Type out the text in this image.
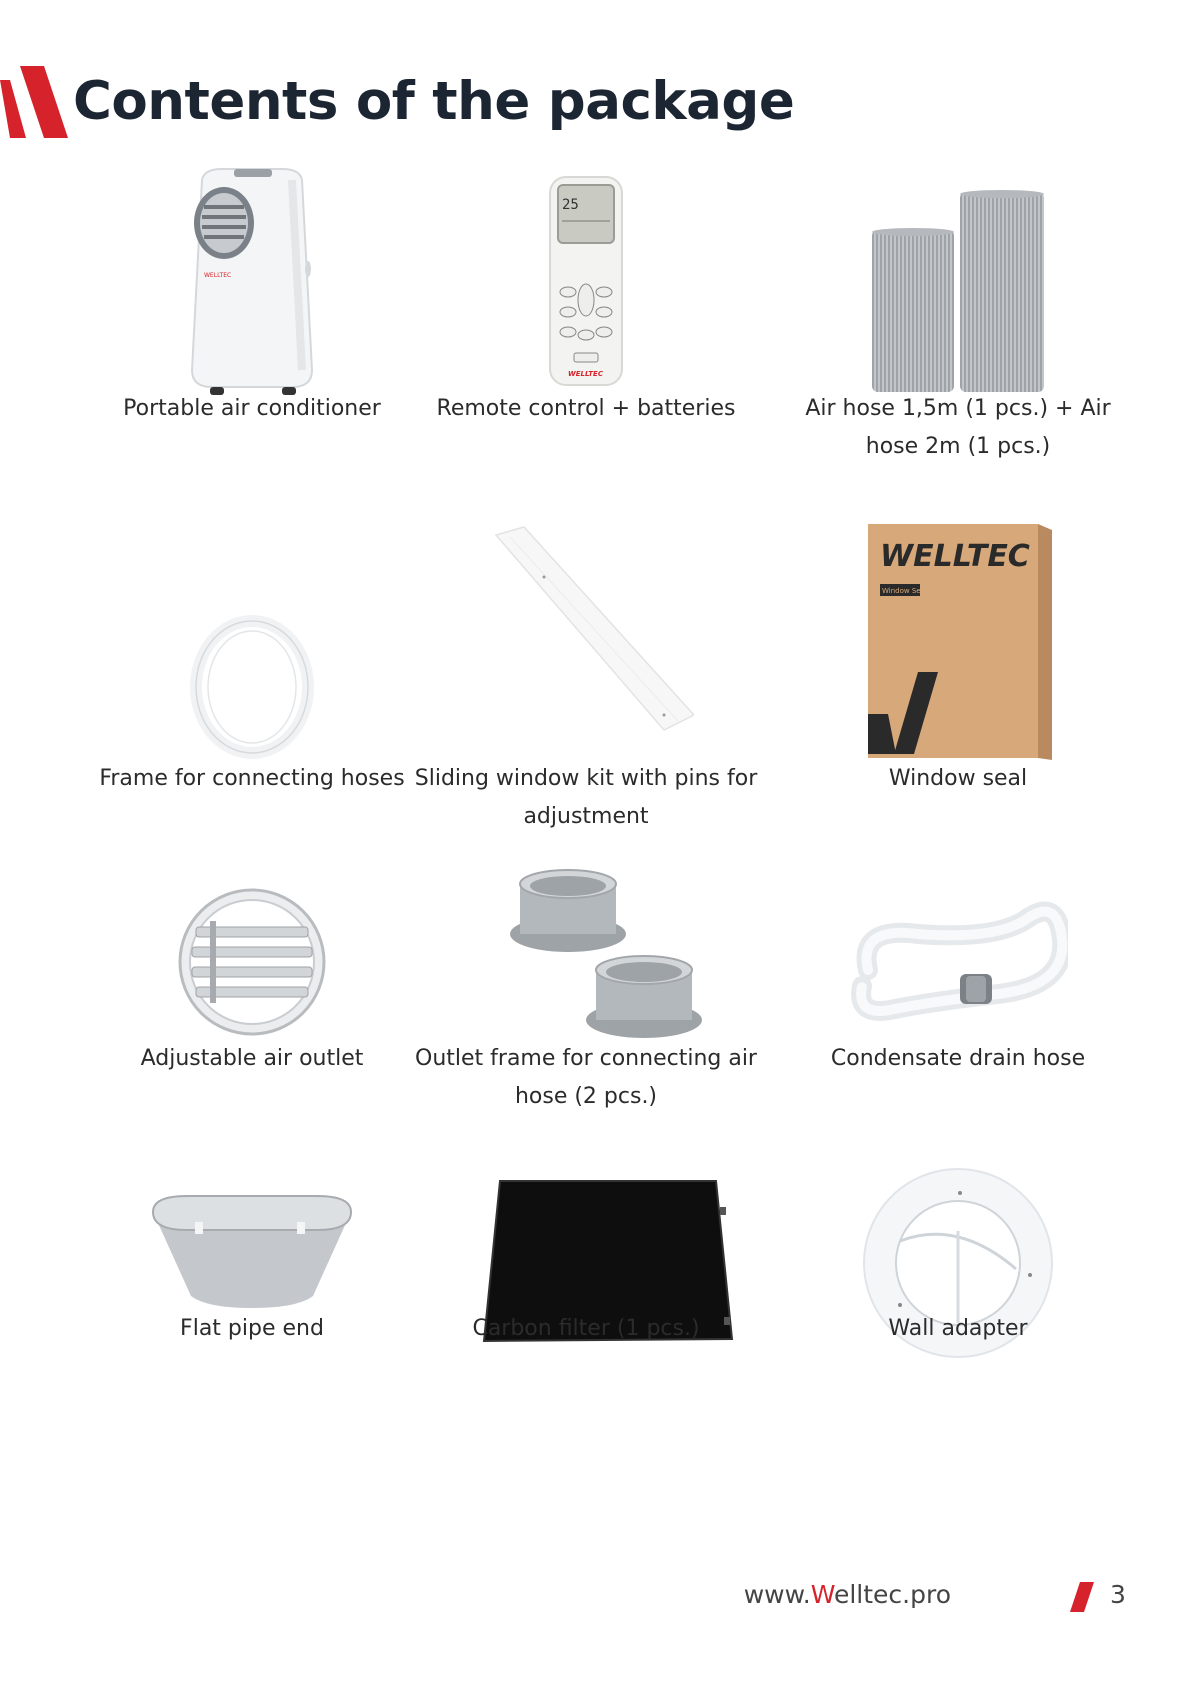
Contents of the package
WELLTEC

Portable air conditioner

25
WELLTEC

Remote control + batteries	Air hose 1,5m (1 pcs.) + Air hose 2m (1 pcs.)

Frame for connecting hoses Sliding window kit with pins for adjustment

WELLTEC
Window Seal

Window seal

Adjustable air outlet	Outlet frame for connecting air hose (2 pcs.)

Condensate drain hose

Flat pipe end	Carbon filter (1 pcs.)	Wall adapter

www.Welltec.pro	3
